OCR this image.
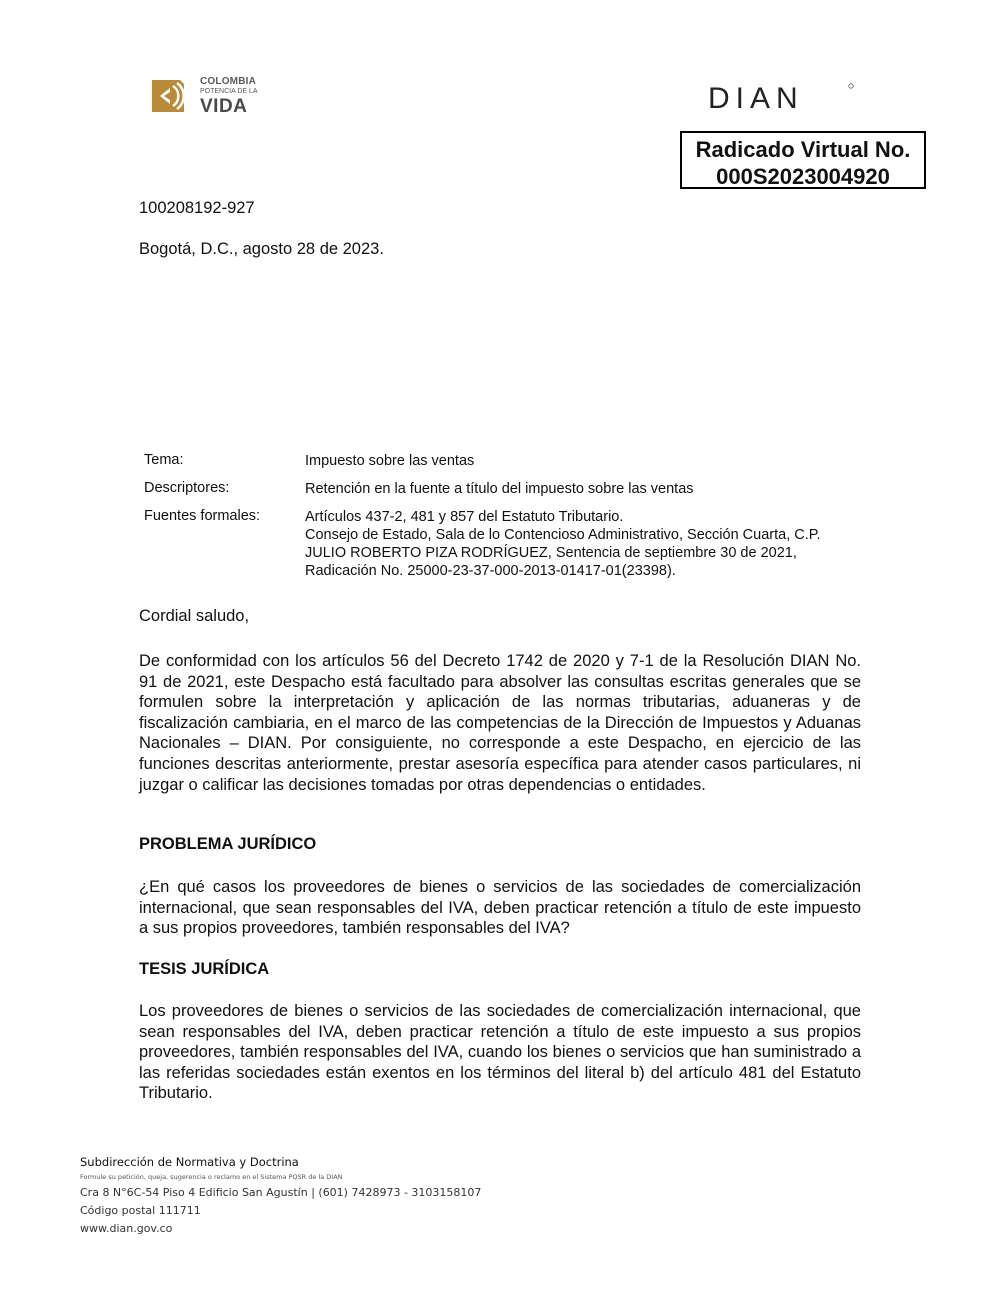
COLOMBIA
POTENCIA DE LA
VIDA	DIAN
Radicado Virtual No.
000S2023004920
100208192-927
Bogotá, D.C., agosto 28 de 2023.
Tema:	Impuesto sobre las ventas
Descriptores:	Retención en la fuente a título del impuesto sobre las ventas
Fuentes formales:	Artículos 437-2, 481 y 857 del Estatuto Tributario.
Consejo de Estado, Sala de lo Contencioso Administrativo, Sección Cuarta, C.P. JULIO ROBERTO PIZA RODRÍGUEZ, Sentencia de septiembre 30 de 2021, Radicación No. 25000-23-37-000-2013-01417-01(23398).
Cordial saludo,
De conformidad con los artículos 56 del Decreto 1742 de 2020 y 7-1 de la Resolución DIAN No. 91 de 2021, este Despacho está facultado para absolver las consultas escritas generales que se formulen sobre la interpretación y aplicación de las normas tributarias, aduaneras y de fiscalización cambiaria, en el marco de las competencias de la Dirección de Impuestos y Aduanas Nacionales – DIAN. Por consiguiente, no corresponde a este Despacho, en ejercicio de las funciones descritas anteriormente, prestar asesoría específica para atender casos particulares, ni juzgar o calificar las decisiones tomadas por otras dependencias o entidades.
PROBLEMA JURÍDICO
¿En qué casos los proveedores de bienes o servicios de las sociedades de comercialización internacional, que sean responsables del IVA, deben practicar retención a título de este impuesto a sus propios proveedores, también responsables del IVA?
TESIS JURÍDICA
Los proveedores de bienes o servicios de las sociedades de comercialización internacional, que sean responsables del IVA, deben practicar retención a título de este impuesto a sus propios proveedores, también responsables del IVA, cuando los bienes o servicios que han suministrado a las referidas sociedades están exentos en los términos del literal b) del artículo 481 del Estatuto Tributario.
Subdirección de Normativa y Doctrina
Formule su petición, queja, sugerencia o reclamo en el Sistema PQSR de la DIAN
Cra 8 N°6C-54 Piso 4 Edificio San Agustín | (601) 7428973 - 3103158107
Código postal 111711
www.dian.gov.co
